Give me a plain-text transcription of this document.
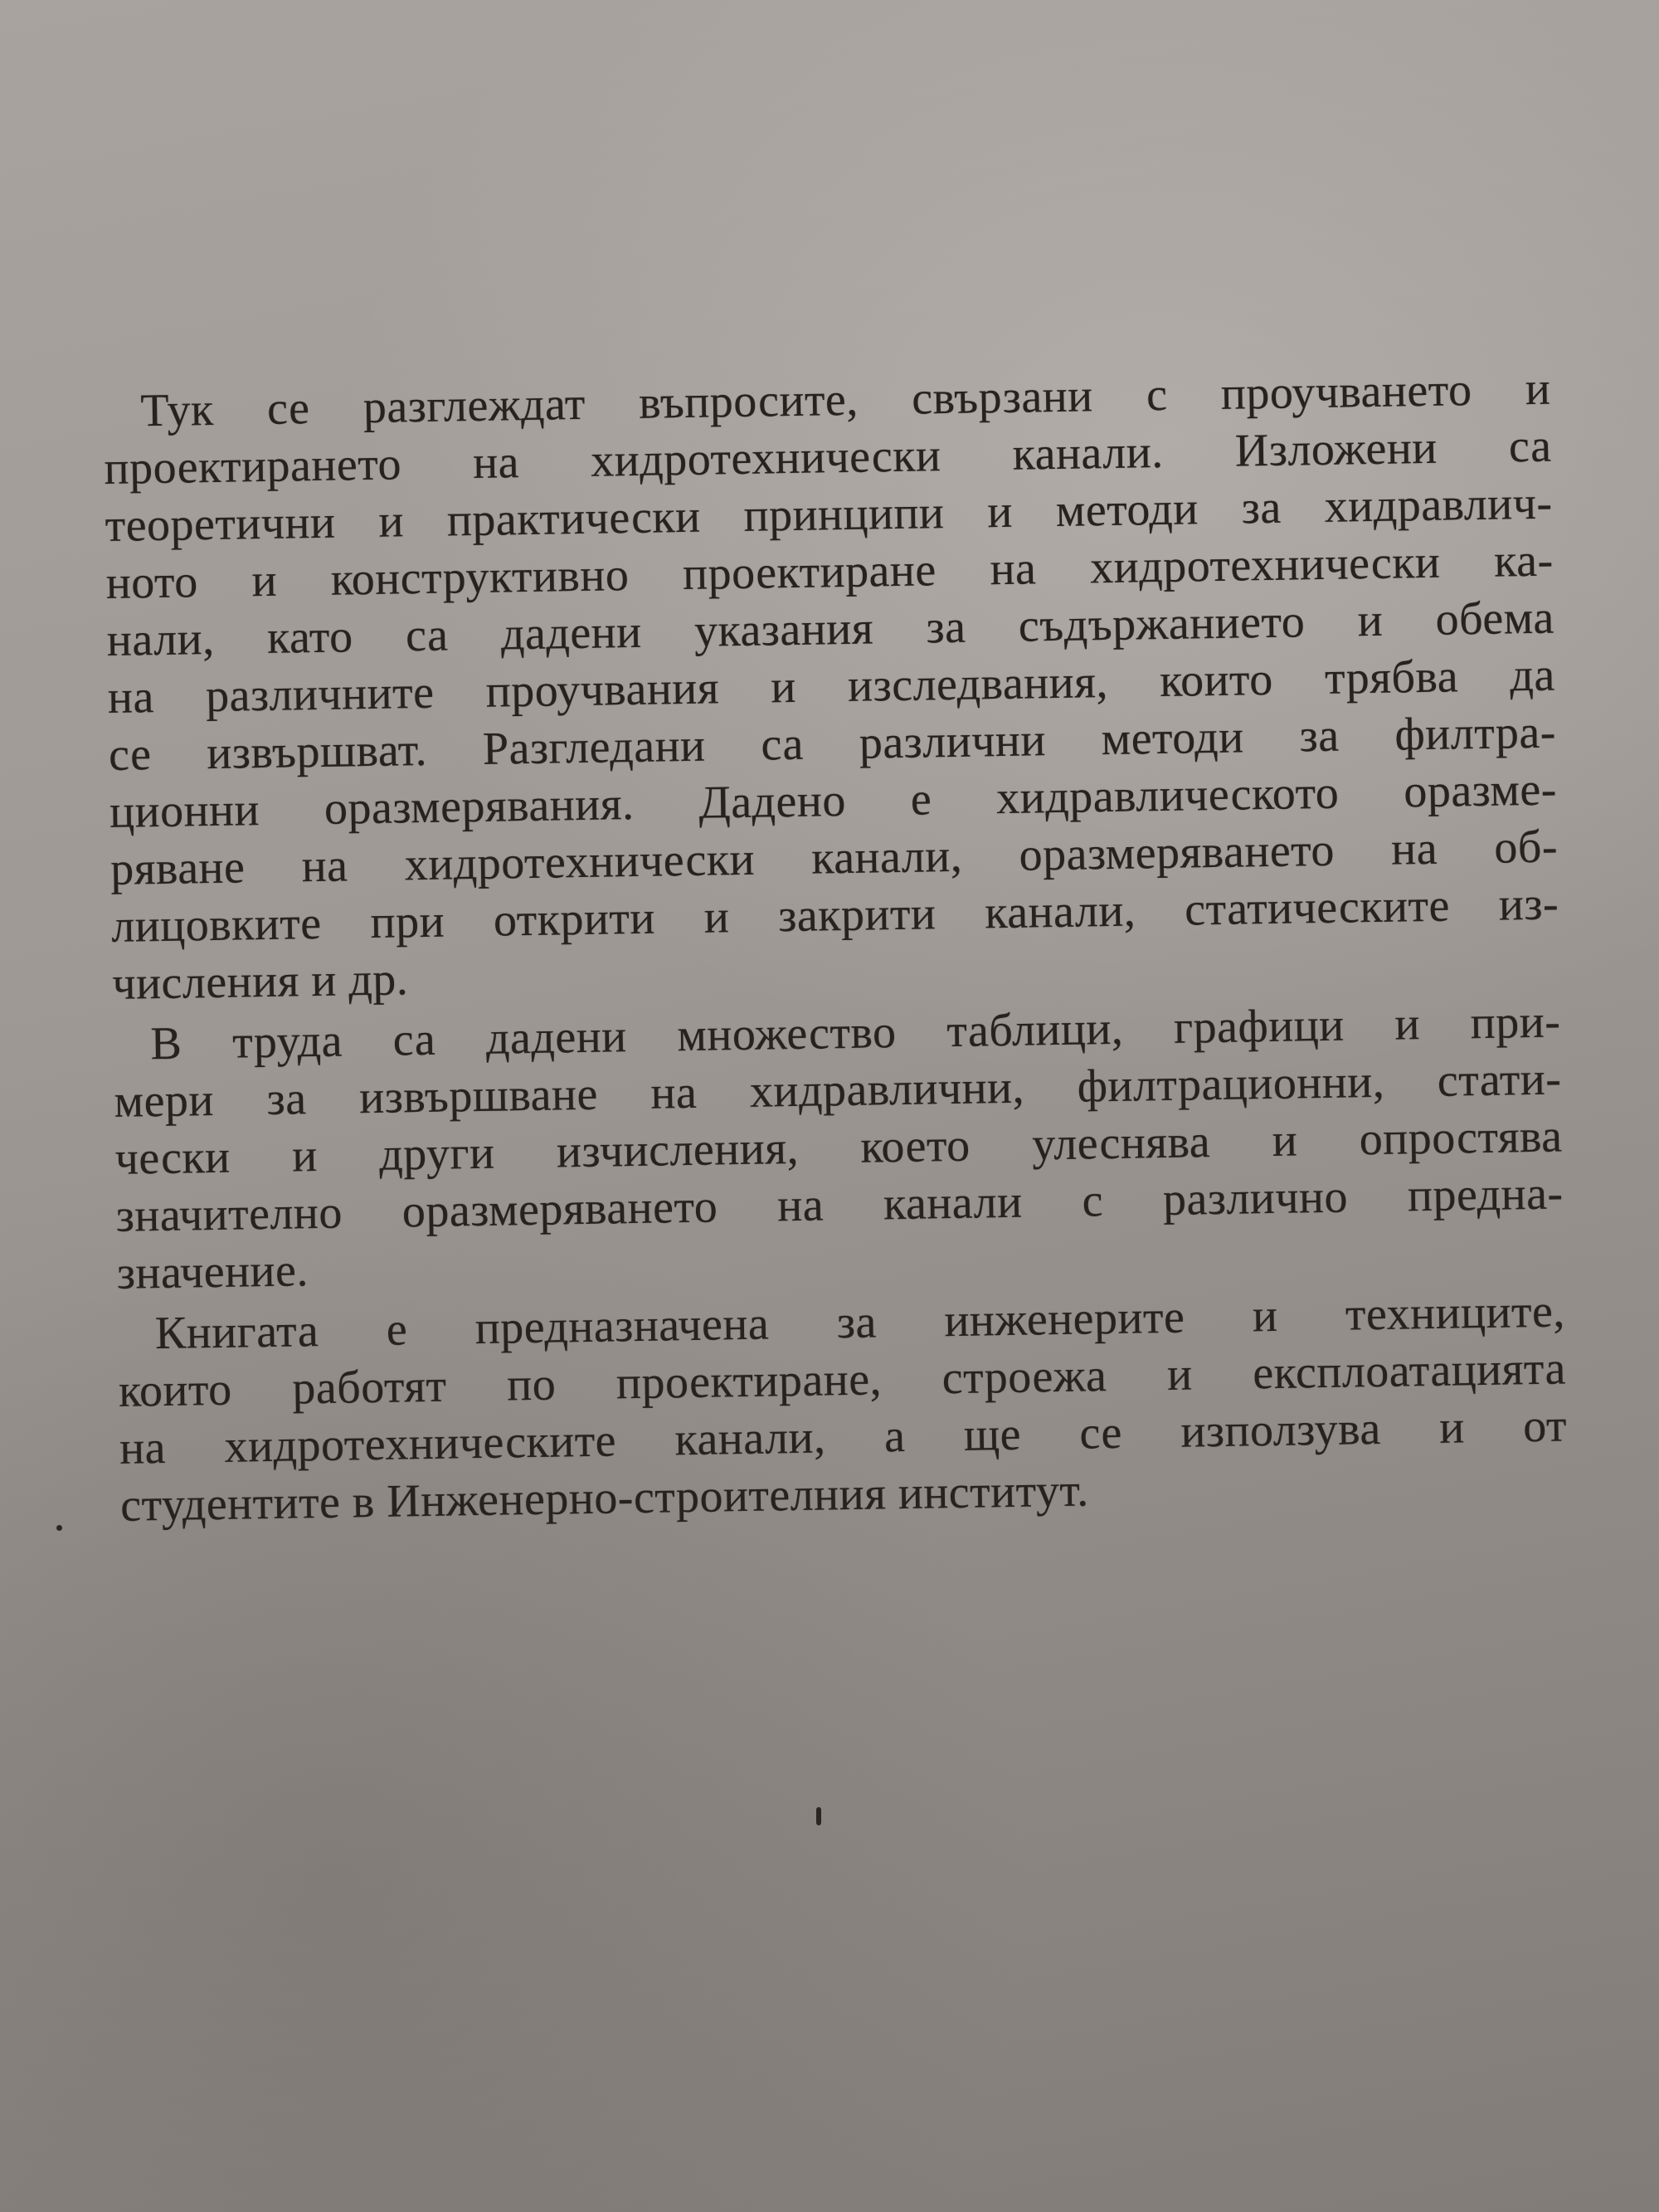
Тук се разглеждат въпросите, свързани с проучването и
проектирането на хидротехнически канали. Изложени са
теоретични и практически принципи и методи за хидравлич-
ното и конструктивно проектиране на хидротехнически ка-
нали, като са дадени указания за съдържанието и обема
на различните проучвания и изследвания, които трябва да
се извършват. Разгледани са различни методи за филтра-
ционни оразмерявания. Дадено е хидравлическото оразме-
ряване на хидротехнически канали, оразмеряването на об-
лицовките при открити и закрити канали, статическите из-
числения и др.
В труда са дадени множество таблици, графици и при-
мери за извършване на хидравлични, филтрационни, стати-
чески и други изчисления, което улеснява и опростява
значително оразмеряването на канали с различно предна-
значение.
Книгата е предназначена за инженерите и техниците,
които работят по проектиране, строежа и експлоатацията
на хидротехническите канали, а ще се използува и от
студентите в Инженерно-строителния институт.
